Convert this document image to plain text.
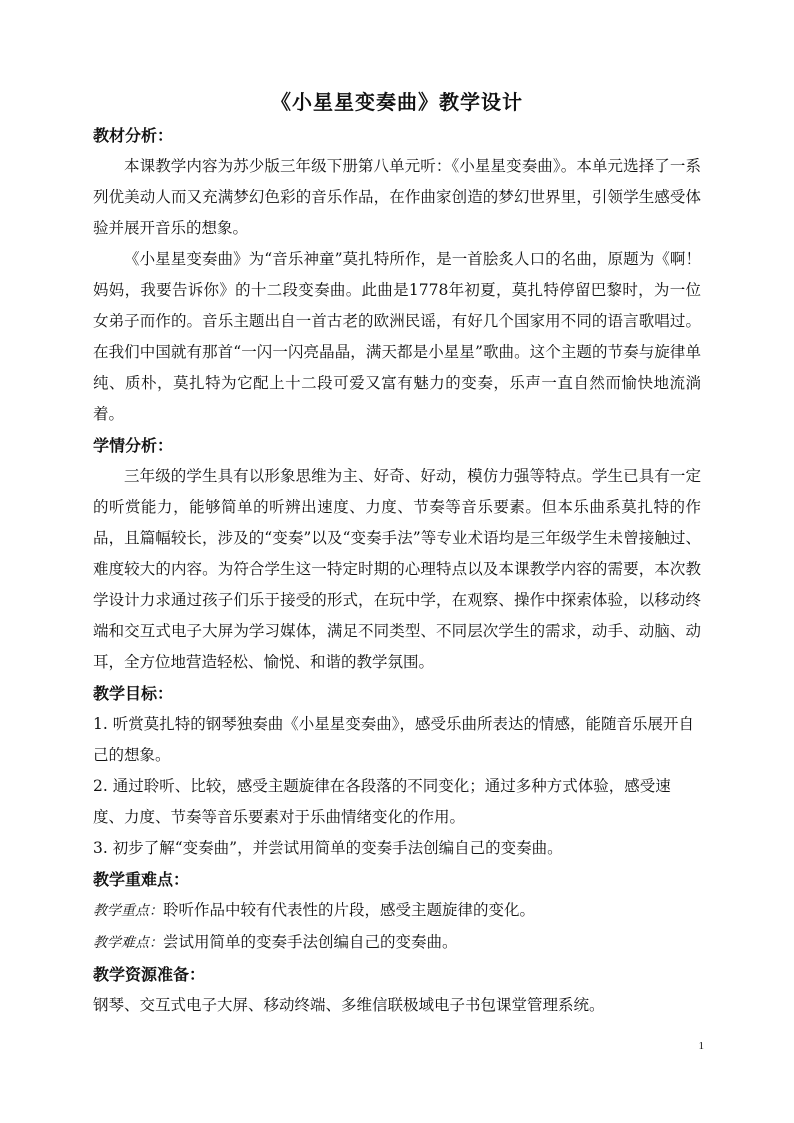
《小星星变奏曲》教学设计

教材分析：

本课教学内容为苏少版三年级下册第八单元听：《小星星变奏曲》。本单元选择了一系列优美动人而又充满梦幻色彩的音乐作品，在作曲家创造的梦幻世界里，引领学生感受体验并展开音乐的想象。

《小星星变奏曲》为“音乐神童”莫扎特所作，是一首脍炙人口的名曲，原题为《啊！妈妈，我要告诉你》的十二段变奏曲。此曲是1778年初夏，莫扎特停留巴黎时，为一位女弟子而作的。音乐主题出自一首古老的欧洲民谣，有好几个国家用不同的语言歌唱过。在我们中国就有那首“一闪一闪亮晶晶，满天都是小星星”歌曲。这个主题的节奏与旋律单纯、质朴，莫扎特为它配上十二段可爱又富有魅力的变奏，乐声一直自然而愉快地流淌着。

学情分析：

三年级的学生具有以形象思维为主、好奇、好动，模仿力强等特点。学生已具有一定的听赏能力，能够简单的听辨出速度、力度、节奏等音乐要素。但本乐曲系莫扎特的作品，且篇幅较长，涉及的“变奏”以及“变奏手法”等专业术语均是三年级学生未曾接触过、难度较大的内容。为符合学生这一特定时期的心理特点以及本课教学内容的需要，本次教学设计力求通过孩子们乐于接受的形式，在玩中学，在观察、操作中探索体验，以移动终端和交互式电子大屏为学习媒体，满足不同类型、不同层次学生的需求，动手、动脑、动耳，全方位地营造轻松、愉悦、和谐的教学氛围。

教学目标：

1. 听赏莫扎特的钢琴独奏曲《小星星变奏曲》，感受乐曲所表达的情感，能随音乐展开自己的想象。

2. 通过聆听、比较，感受主题旋律在各段落的不同变化；通过多种方式体验，感受速度、力度、节奏等音乐要素对于乐曲情绪变化的作用。

3. 初步了解“变奏曲”，并尝试用简单的变奏手法创编自己的变奏曲。

教学重难点：

教学重点：聆听作品中较有代表性的片段，感受主题旋律的变化。

教学难点：尝试用简单的变奏手法创编自己的变奏曲。

教学资源准备：

钢琴、交互式电子大屏、移动终端、多维信联极域电子书包课堂管理系统。

1
